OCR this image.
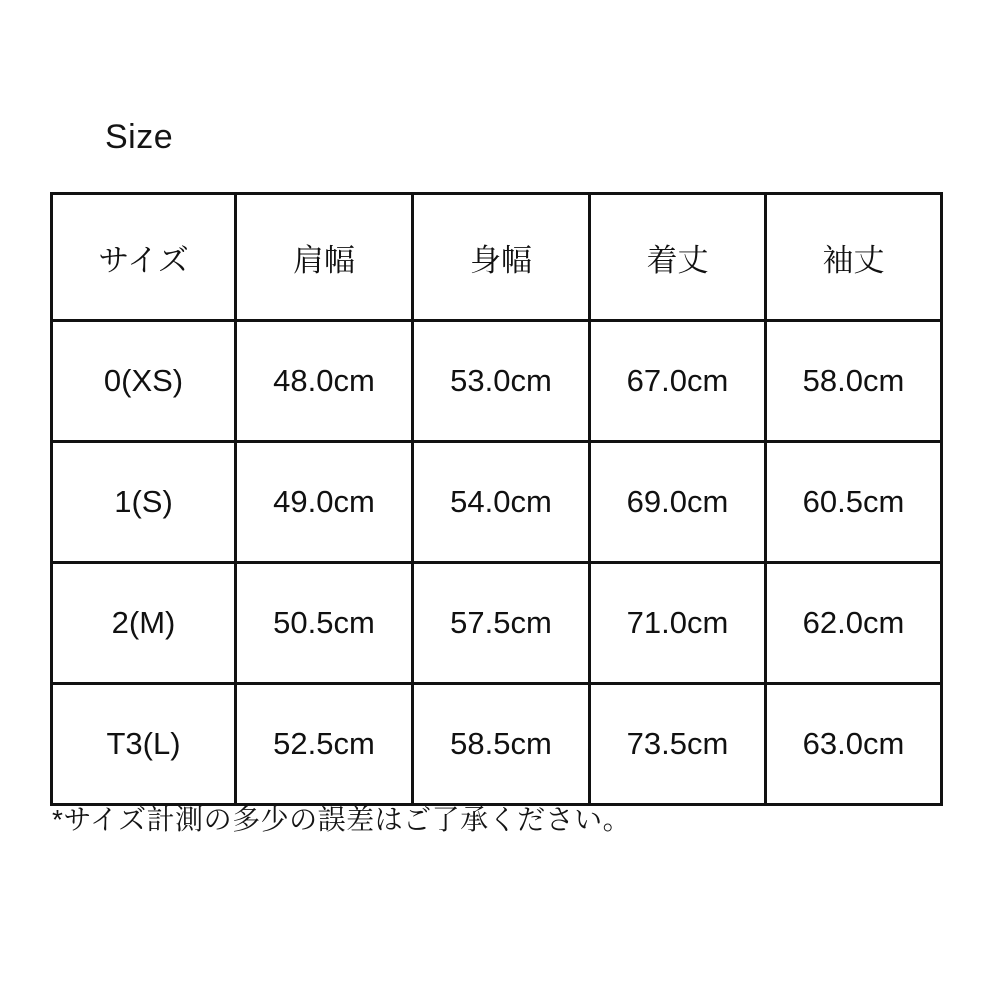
Size
サイズ	肩幅	身幅	着丈	袖丈
0(XS)	48.0cm	53.0cm	67.0cm	58.0cm
1(S)	49.0cm	54.0cm	69.0cm	60.5cm
2(M)	50.5cm	57.5cm	71.0cm	62.0cm
T3(L)	52.5cm	58.5cm	73.5cm	63.0cm
*サイズ計測の多少の誤差はご了承ください。
